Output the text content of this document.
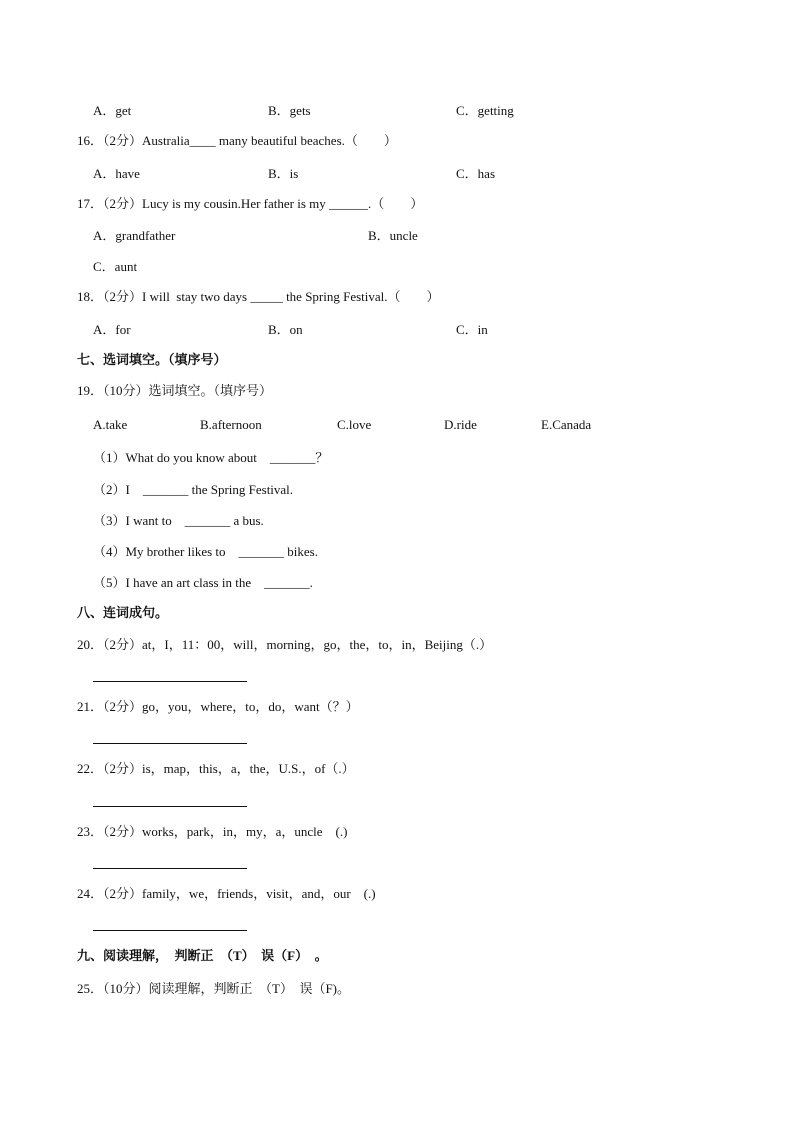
A．get	B．gets	C．getting
16．（2分）Australia____ many beautiful beaches.（　　）
A．have	B．is	C．has
17．（2分）Lucy is my cousin.Her father is my ______.（　　）
A．grandfather	B．uncle
C．aunt
18．（2分）I will  stay two days _____ the Spring Festival.（　　）
A．for	B．on	C．in
七、选词填空。（填序号）
19．（10分）选词填空。（填序号）
A.take	B.afternoon	C.love	D.ride	E.Canada
（1）What do you know about　_______？
（2）I　_______ the Spring Festival.
（3）I want to　_______ a bus.
（4）My brother likes to　_______ bikes.
（5）I have an art class in the　_______.
八、连词成句。
20．（2分）at，I，11：00，will，morning，go，the，to，in，Beijing（.）
21．（2分）go，you，where，to，do，want（？）
22．（2分）is，map，this，a，the，U.S.，of（.）
23．（2分）works，park，in，my，a，uncle　(.)
24．（2分）family，we，friends，visit，and，our　(.)
九、阅读理解，　判断正　（T）　误（F）　。
25．（10分）阅读理解，判断正　（T）　误（F)。
